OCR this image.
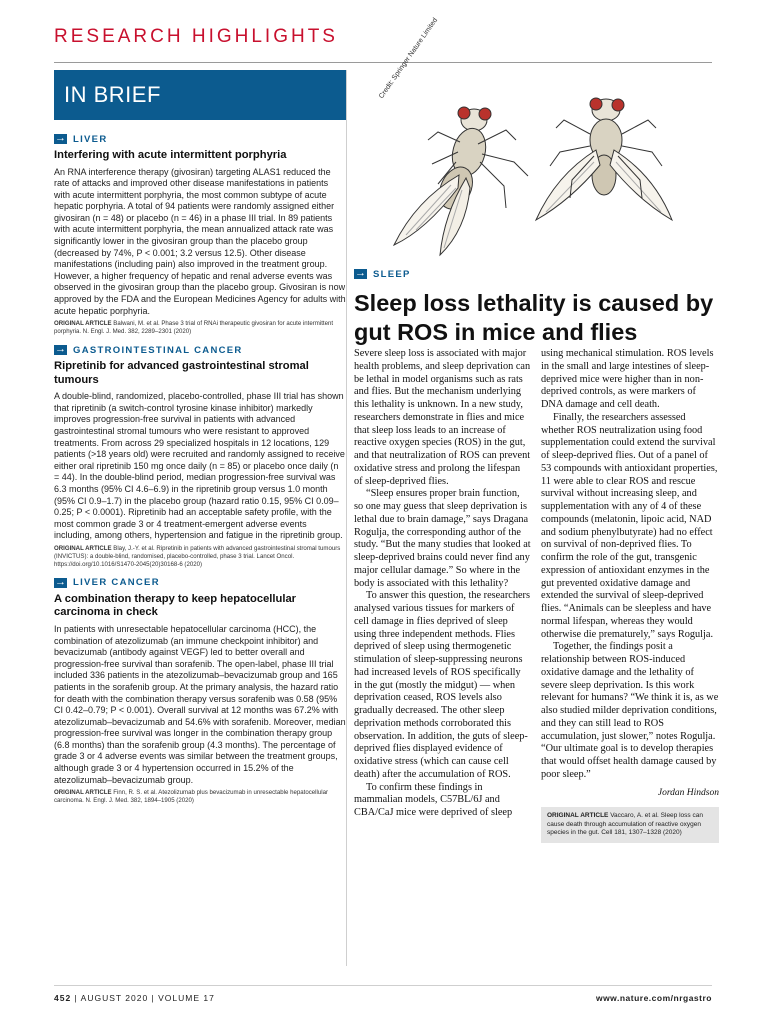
RESEARCH HIGHLIGHTS
IN BRIEF
→
LIVER
Interfering with acute intermittent porphyria
An RNA interference therapy (givosiran) targeting ALAS1 reduced the rate of attacks and improved other disease manifestations in patients with acute intermittent porphyria, the most common subtype of acute hepatic porphyria. A total of 94 patients were randomly assigned either givosiran (n = 48) or placebo (n = 46) in a phase III trial. In 89 patients with acute intermittent porphyria, the mean annualized attack rate was significantly lower in the givosiran group than the placebo group (decreased by 74%, P < 0.001; 3.2 versus 12.5). Other disease manifestations (including pain) also improved in the treatment group. However, a higher frequency of hepatic and renal adverse events was observed in the givosiran group than the placebo group. Givosiran is now approved by the FDA and the European Medicines Agency for adults with acute hepatic porphyria.
ORIGINAL ARTICLE Balwani, M. et al. Phase 3 trial of RNAi therapeutic givosiran for acute intermittent porphyria. N. Engl. J. Med. 382, 2289–2301 (2020)
→
GASTROINTESTINAL CANCER
Ripretinib for advanced gastrointestinal stromal tumours
A double-blind, randomized, placebo-controlled, phase III trial has shown that ripretinib (a switch-control tyrosine kinase inhibitor) markedly improves progression-free survival in patients with advanced gastrointestinal stromal tumours who were resistant to approved treatments. From across 29 specialized hospitals in 12 locations, 129 patients (>18 years old) were recruited and randomly assigned to receive either oral ripretinib 150 mg once daily (n = 85) or placebo once daily (n = 44). In the double-blind period, median progression-free survival was 6.3 months (95% CI 4.6–6.9) in the ripretinib group versus 1.0 month (95% CI 0.9–1.7) in the placebo group (hazard ratio 0.15, 95% CI 0.09–0.25; P < 0.0001). Ripretinib had an acceptable safety profile, with the most common grade 3 or 4 treatment-emergent adverse events including, among others, hypertension and fatigue in the ripretinib group.
ORIGINAL ARTICLE Blay, J.-Y. et al. Ripretinib in patients with advanced gastrointestinal stromal tumours (INVICTUS): a double-blind, randomised, placebo-controlled, phase 3 trial. Lancet Oncol. https://doi.org/10.1016/S1470-2045(20)30168-6 (2020)
→
LIVER CANCER
A combination therapy to keep hepatocellular carcinoma in check
In patients with unresectable hepatocellular carcinoma (HCC), the combination of atezolizumab (an immune checkpoint inhibitor) and bevacizumab (antibody against VEGF) led to better overall and progression-free survival than sorafenib. The open-label, phase III trial included 336 patients in the atezolizumab–bevacizumab group and 165 patients in the sorafenib group. At the primary analysis, the hazard ratio for death with the combination therapy versus sorafenib was 0.58 (95% CI 0.42–0.79; P < 0.001). Overall survival at 12 months was 67.2% with atezolizumab–bevacizumab and 54.6% with sorafenib. Moreover, median progression-free survival was longer in the combination therapy group (6.8 months) than the sorafenib group (4.3 months). The percentage of grade 3 or 4 adverse events was similar between the treatment groups, although grade 3 or 4 hypertension occurred in 15.2% of the atezolizumab–bevacizumab group.
ORIGINAL ARTICLE Finn, R. S. et al. Atezolizumab plus bevacizumab in unresectable hepatocellular carcinoma. N. Engl. J. Med. 382, 1894–1905 (2020)
Credit: Springer Nature Limited
→
SLEEP
Sleep loss lethality is caused by gut ROS in mice and flies

Severe sleep loss is associated with major health problems, and sleep deprivation can be lethal in model organisms such as rats and flies. But the mechanism underlying this lethality is unknown. In a new study, researchers demonstrate in flies and mice that sleep loss leads to an increase of reactive oxygen species (ROS) in the gut, and that neutralization of ROS can prevent oxidative stress and prolong the lifespan of sleep-deprived flies.

“Sleep ensures proper brain function, so one may guess that sleep deprivation is lethal due to brain damage,” says Dragana Rogulja, the corresponding author of the study. “But the many studies that looked at sleep-deprived brains could never find any major cellular damage.” So where in the body is associated with this lethality?

To answer this question, the researchers analysed various tissues for markers of cell damage in flies deprived of sleep using three independent methods. Flies deprived of sleep using thermogenetic stimulation of sleep-suppressing neurons had increased levels of ROS specifically in the gut (mostly the midgut) — when deprivation ceased, ROS levels also gradually decreased. The other sleep deprivation methods corroborated this observation. In addition, the guts of sleep-deprived flies displayed evidence of oxidative stress (which can cause cell death) after the accumulation of ROS.

To confirm these findings in mammalian models, C57BL/6J and CBA/CaJ mice were deprived of sleep

using mechanical stimulation. ROS levels in the small and large intestines of sleep-deprived mice were higher than in non-deprived controls, as were markers of DNA damage and cell death.

Finally, the researchers assessed whether ROS neutralization using food supplementation could extend the survival of sleep-deprived flies. Out of a panel of 53 compounds with antioxidant properties, 11 were able to clear ROS and rescue survival without increasing sleep, and supplementation with any of 4 of these compounds (melatonin, lipoic acid, NAD and sodium phenylbutyrate) had no effect on survival of non-deprived flies. To confirm the role of the gut, transgenic expression of antioxidant enzymes in the gut prevented oxidative damage and extended the survival of sleep-deprived flies. “Animals can be sleepless and have normal lifespan, whereas they would otherwise die prematurely,” says Rogulja.

Together, the findings posit a relationship between ROS-induced oxidative damage and the lethality of severe sleep deprivation. Is this work relevant for humans? “We think it is, as we also studied milder deprivation conditions, and they can still lead to ROS accumulation, just slower,” notes Rogulja. “Our ultimate goal is to develop therapies that would offset health damage caused by poor sleep.”

Jordan Hindson
ORIGINAL ARTICLE Vaccaro, A. et al. Sleep loss can cause death through accumulation of reactive oxygen species in the gut. Cell 181, 1307–1328 (2020)
452 | AUGUST 2020 | VOLUME 17	www.nature.com/nrgastro
